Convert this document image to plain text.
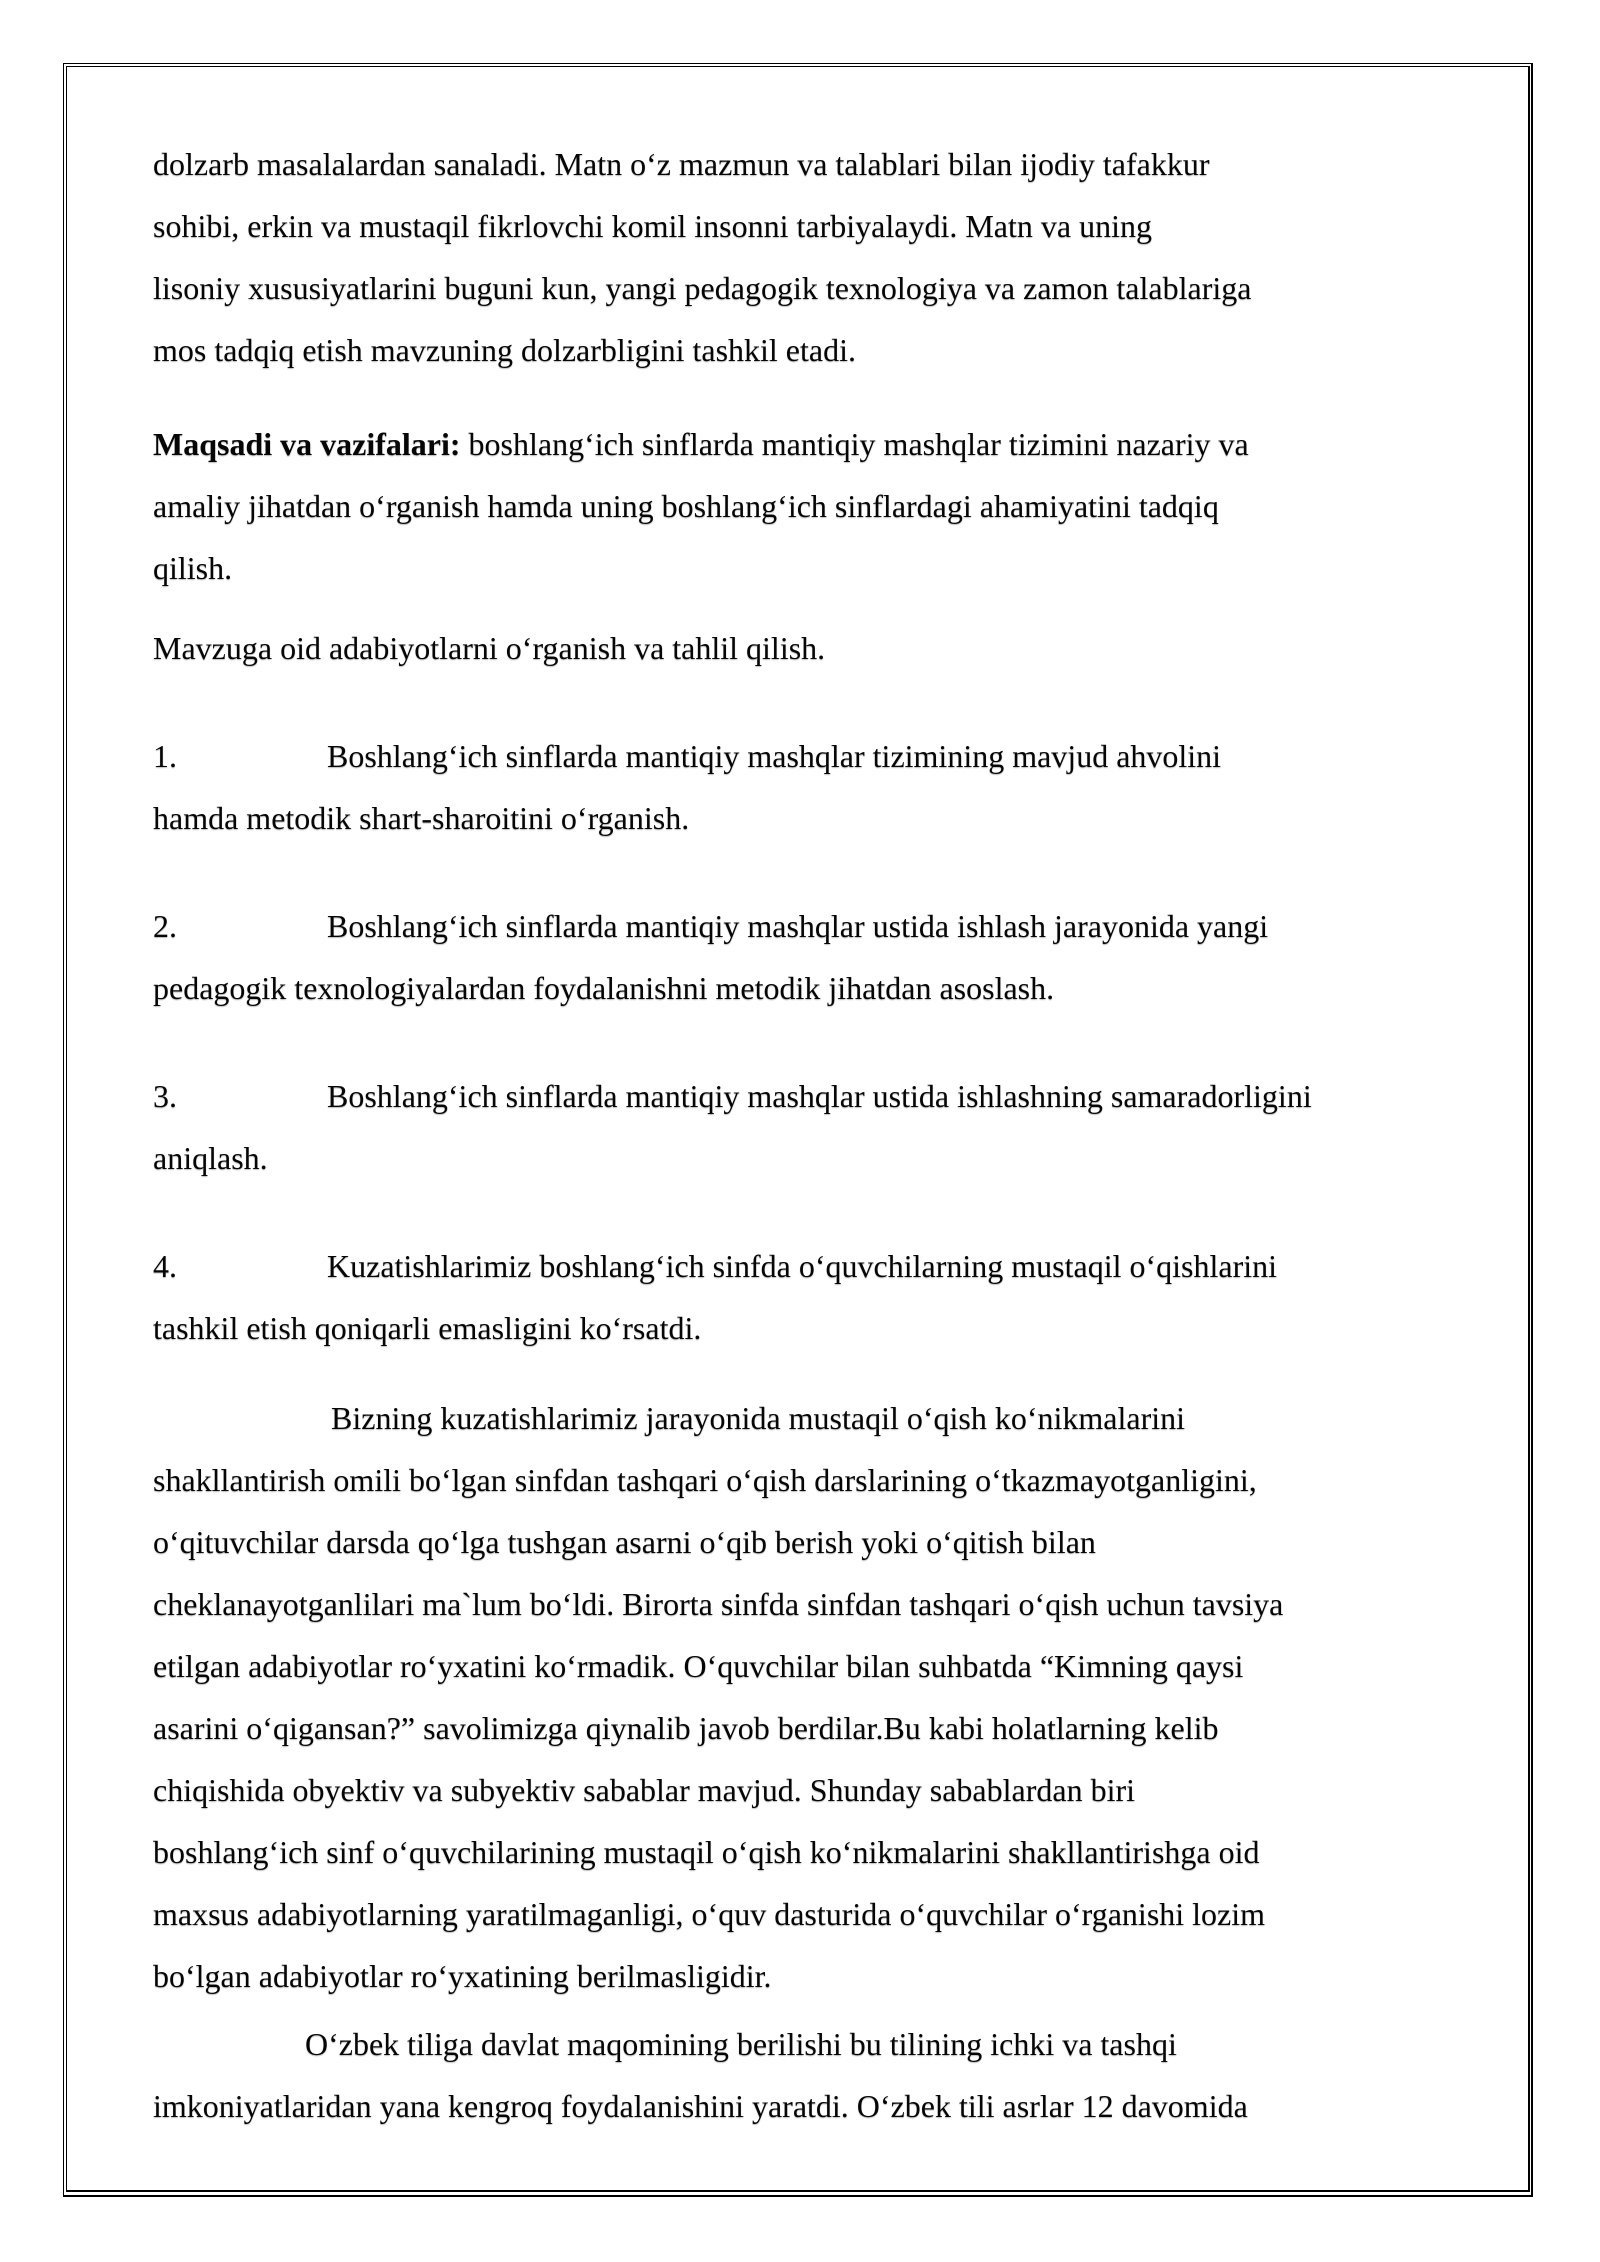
dolzarb masalalardan sanaladi. Matn o‘z mazmun va talablari bilan ijodiy tafakkur
sohibi, erkin va mustaqil fikrlovchi komil insonni tarbiyalaydi. Matn va uning
lisoniy xususiyatlarini buguni kun, yangi pedagogik texnologiya va zamon talablariga
mos tadqiq etish mavzuning dolzarbligini tashkil etadi.
Maqsadi va vazifalari: boshlang‘ich sinflarda mantiqiy mashqlar tizimini nazariy va
amaliy jihatdan o‘rganish hamda uning boshlang‘ich sinflardagi ahamiyatini tadqiq
qilish.
Mavzuga oid adabiyotlarni o‘rganish va tahlil qilish.
1.	Boshlang‘ich sinflarda mantiqiy mashqlar tizimining mavjud ahvolini
hamda metodik shart-sharoitini o‘rganish.
2.	Boshlang‘ich sinflarda mantiqiy mashqlar ustida ishlash jarayonida yangi
pedagogik texnologiyalardan foydalanishni metodik jihatdan asoslash.
3.	Boshlang‘ich sinflarda mantiqiy mashqlar ustida ishlashning samaradorligini
aniqlash.
4.	Kuzatishlarimiz boshlang‘ich sinfda o‘quvchilarning mustaqil o‘qishlarini
tashkil etish qoniqarli emasligini ko‘rsatdi.
Bizning kuzatishlarimiz jarayonida mustaqil o‘qish ko‘nikmalarini
shakllantirish omili bo‘lgan sinfdan tashqari o‘qish darslarining o‘tkazmayotganligini,
o‘qituvchilar darsda qo‘lga tushgan asarni o‘qib berish yoki o‘qitish bilan
cheklanayotganlilari ma`lum bo‘ldi. Birorta sinfda sinfdan tashqari o‘qish uchun tavsiya
etilgan adabiyotlar ro‘yxatini ko‘rmadik. O‘quvchilar bilan suhbatda “Kimning qaysi
asarini o‘qigansan?” savolimizga qiynalib javob berdilar.Bu kabi holatlarning kelib
chiqishida obyektiv va subyektiv sabablar mavjud. Shunday sabablardan biri
boshlang‘ich sinf o‘quvchilarining mustaqil o‘qish ko‘nikmalarini shakllantirishga oid
maxsus adabiyotlarning yaratilmaganligi, o‘quv dasturida o‘quvchilar o‘rganishi lozim
bo‘lgan adabiyotlar ro‘yxatining berilmasligidir.
O‘zbek tiliga davlat maqomining berilishi bu tilining ichki va tashqi
imkoniyatlaridan yana kengroq foydalanishini yaratdi. O‘zbek tili asrlar 12 davomida
